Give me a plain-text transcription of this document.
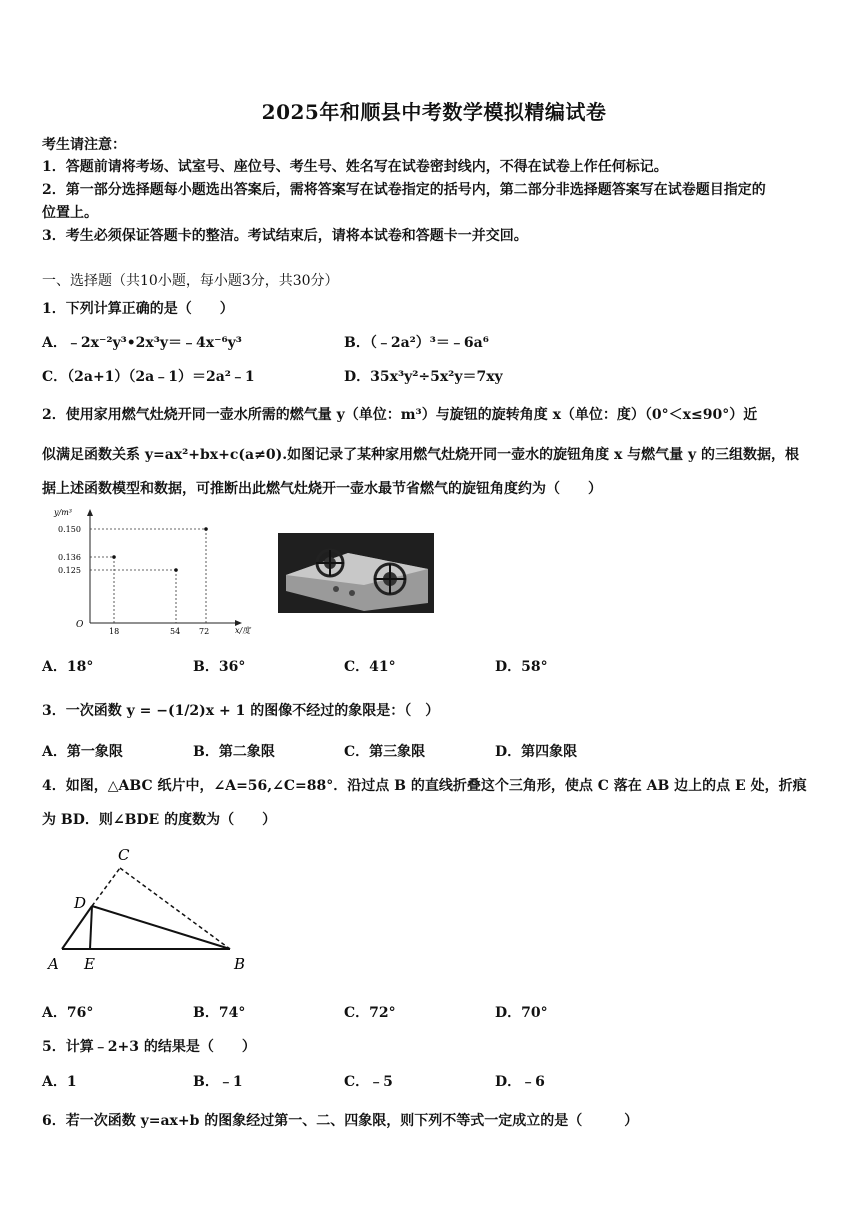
2025年和顺县中考数学模拟精编试卷
考生请注意：
1．答题前请将考场、试室号、座位号、考生号、姓名写在试卷密封线内，不得在试卷上作任何标记。
2．第一部分选择题每小题选出答案后，需将答案写在试卷指定的括号内，第二部分非选择题答案写在试卷题目指定的
位置上。
3．考生必须保证答题卡的整洁。考试结束后，请将本试卷和答题卡一并交回。
一、选择题（共10小题，每小题3分，共30分）
1．下列计算正确的是（　　）
A．﹣2x⁻²y³•2x³y＝﹣4x⁻⁶y³	B．（﹣2a²）³＝﹣6a⁶
C．（2a+1）（2a﹣1）＝2a²﹣1	D．35x³y²÷5x²y＝7xy
2．使用家用燃气灶烧开同一壶水所需的燃气量 y（单位：m³）与旋钮的旋转角度 x（单位：度）（0°＜x≤90°）近
似满足函数关系 y=ax²+bx+c(a≠0).如图记录了某种家用燃气灶烧开同一壶水的旋钮角度 x 与燃气量 y 的三组数据，根
据上述函数模型和数据，可推断出此燃气灶烧开一壶水最节省燃气的旋钮角度约为（　　）
y/m³
x/度
O
0.150
0.136
0.125
18	54 72
A．18°	B．36°	C．41°	D．58°
3．一次函数 y = −(1/2)x + 1 的图像不经过的象限是：（　）
A．第一象限	B．第二象限	C．第三象限	D．第四象限
4．如图，△ABC 纸片中，∠A=56,∠C=88°．沿过点 B 的直线折叠这个三角形，使点 C 落在 AB 边上的点 E 处，折痕
为 BD．则∠BDE 的度数为（　　）
C
D
A E	B
A．76°	B．74°	C．72°	D．70°
5．计算﹣2+3 的结果是（　　）
A．1	B．﹣1	C．﹣5	D．﹣6
6．若一次函数 y=ax+b 的图象经过第一、二、四象限，则下列不等式一定成立的是（　　　）
